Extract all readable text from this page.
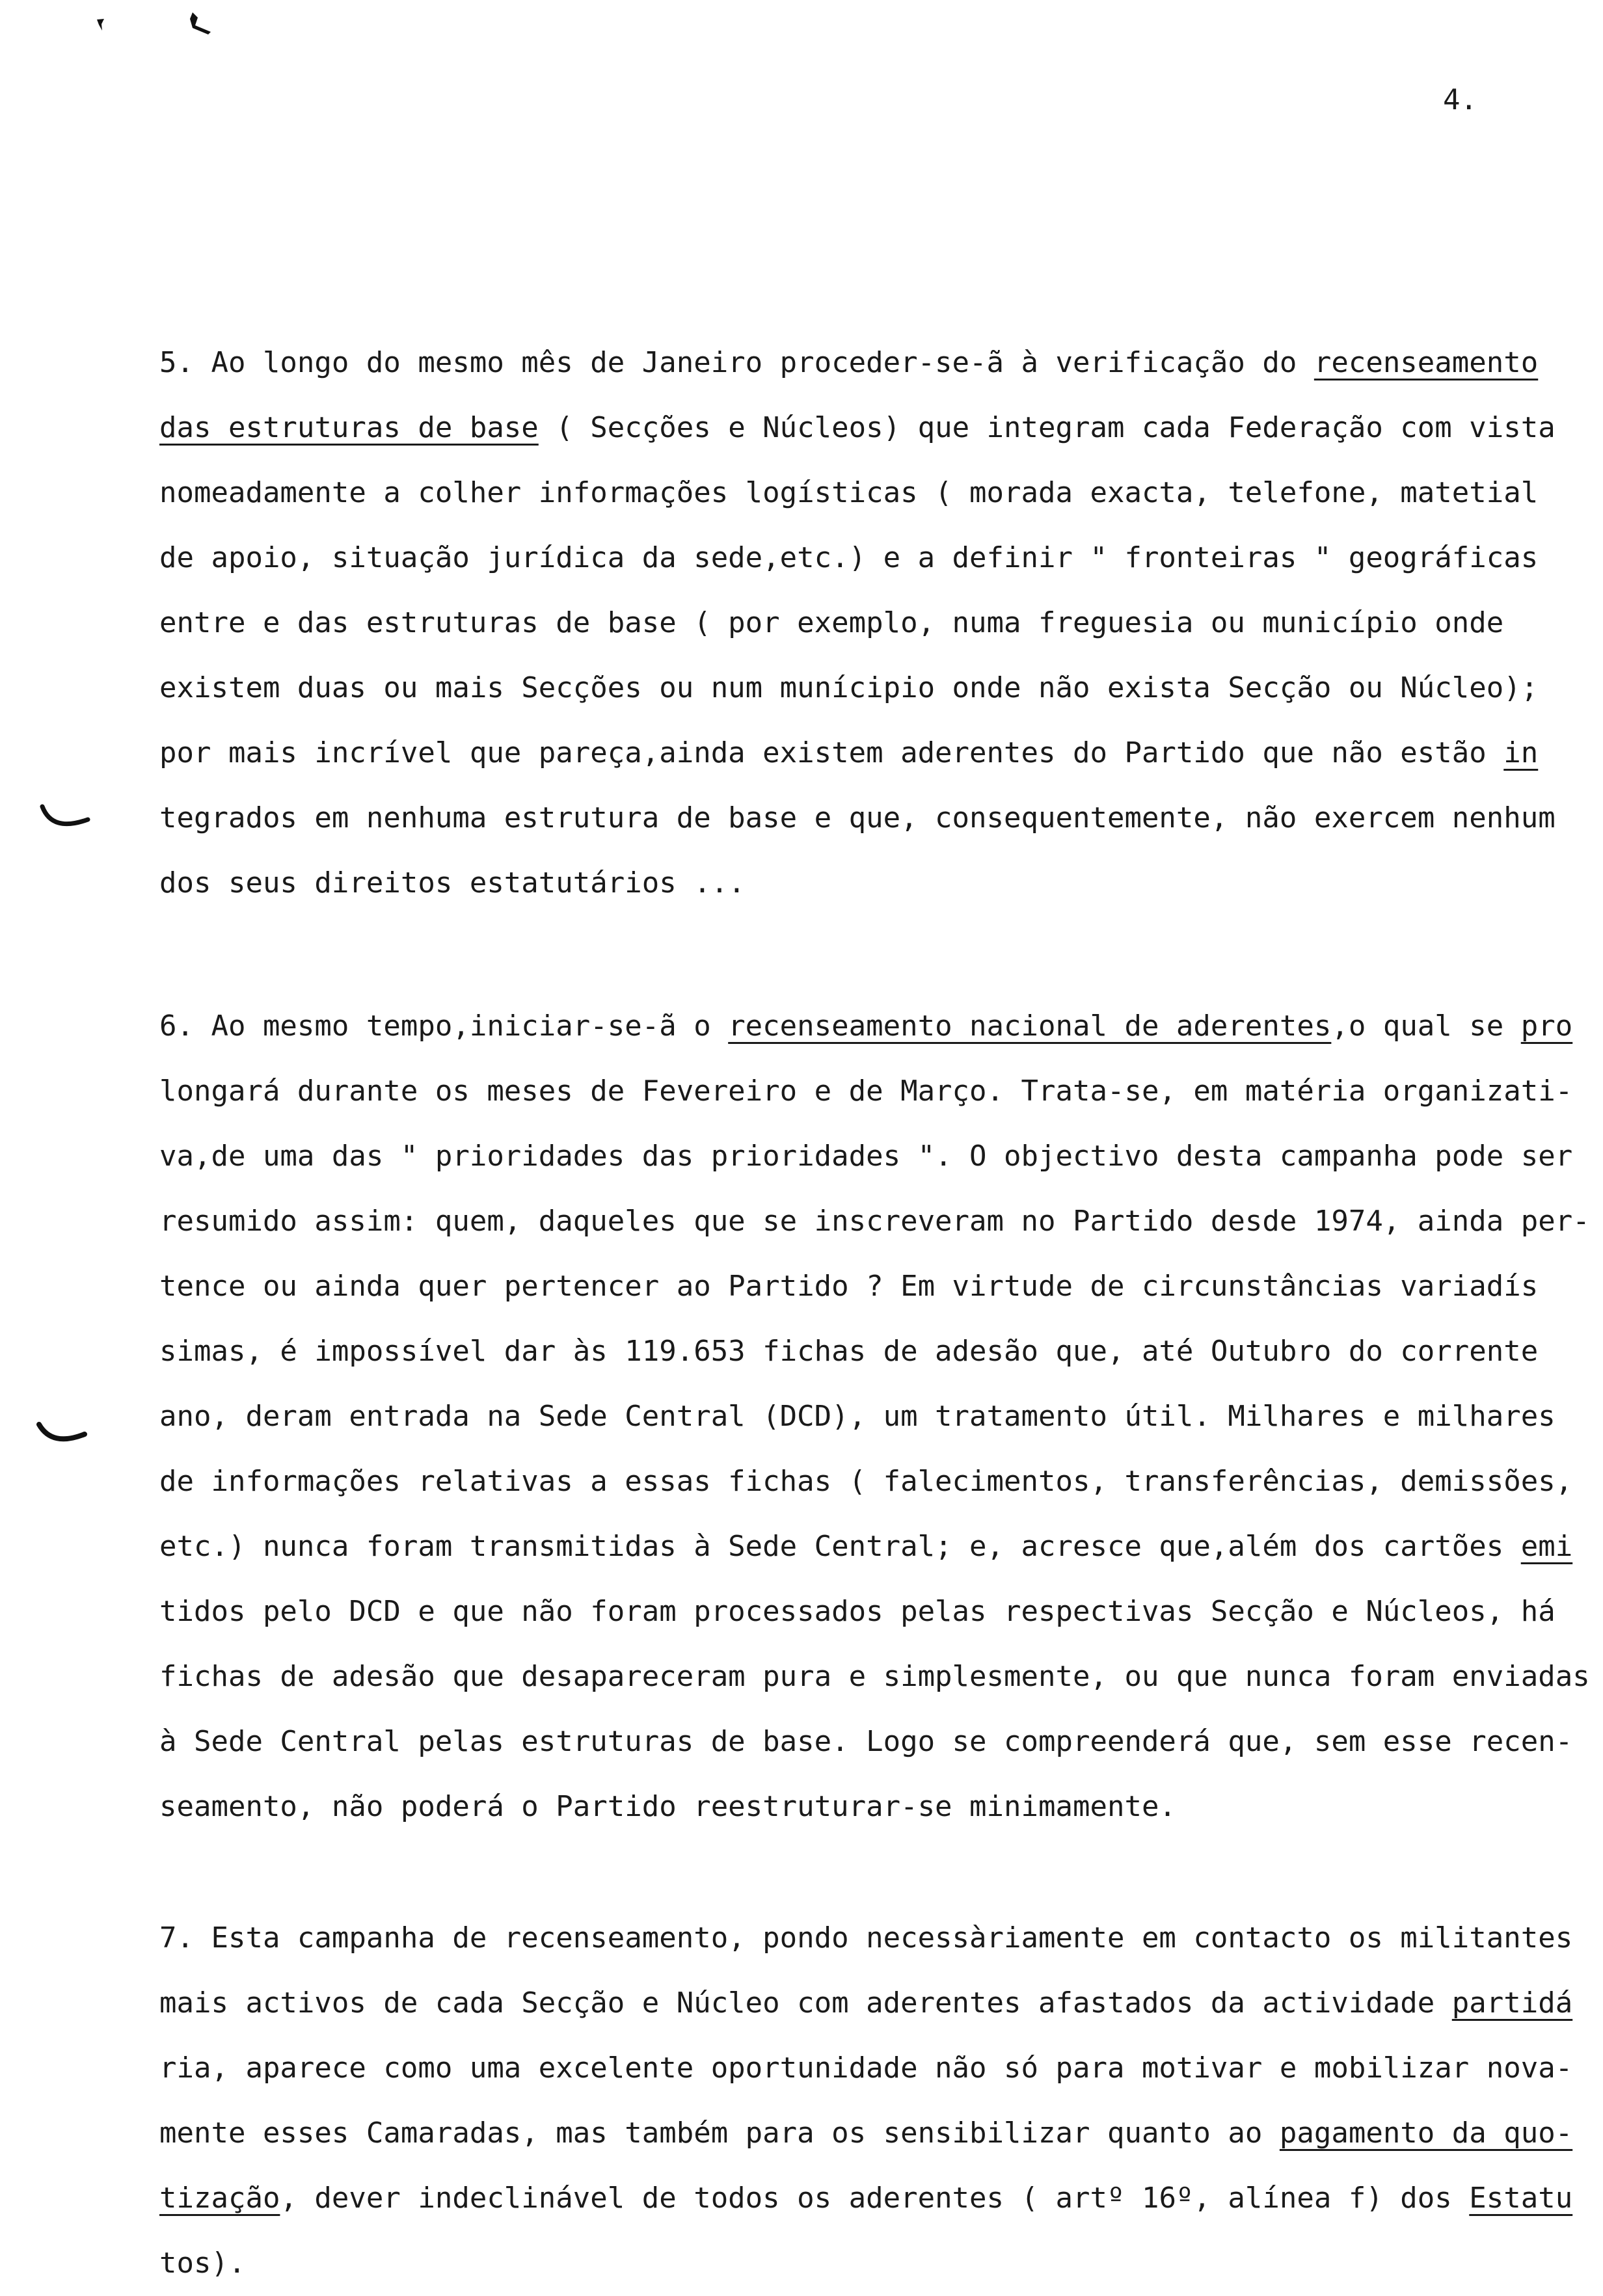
4.
5. Ao longo do mesmo mês de Janeiro proceder-se-ã à verificação do recenseamento
das estruturas de base ( Secções e Núcleos) que integram cada Federação com vista
nomeadamente a colher informações logísticas ( morada exacta, telefone, matetial
de apoio, situação jurídica da sede,etc.) e a definir " fronteiras " geográficas
entre e das estruturas de base ( por exemplo, numa freguesia ou município onde
existem duas ou mais Secções ou num munícipio onde não exista Secção ou Núcleo);
por mais incrível que pareça,ainda existem aderentes do Partido que não estão in
tegrados em nenhuma estrutura de base e que, consequentemente, não exercem nenhum
dos seus direitos estatutários ...
6. Ao mesmo tempo,iniciar-se-ã o recenseamento nacional de aderentes,o qual se pro
longará durante os meses de Fevereiro e de Março. Trata-se, em matéria organizati-
va,de uma das " prioridades das prioridades ". O objectivo desta campanha pode ser
resumido assim: quem, daqueles que se inscreveram no Partido desde 1974, ainda per-
tence ou ainda quer pertencer ao Partido ? Em virtude de circunstâncias variadís
simas, é impossível dar às 119.653 fichas de adesão que, até Outubro do corrente
ano, deram entrada na Sede Central (DCD), um tratamento útil. Milhares e milhares
de informações relativas a essas fichas ( falecimentos, transferências, demissões,
etc.) nunca foram transmitidas à Sede Central; e, acresce que,além dos cartões emi
tidos pelo DCD e que não foram processados pelas respectivas Secção e Núcleos, há
fichas de adesão que desapareceram pura e simplesmente, ou que nunca foram enviadas
à Sede Central pelas estruturas de base. Logo se compreenderá que, sem esse recen-
seamento, não poderá o Partido reestruturar-se minimamente.
7. Esta campanha de recenseamento, pondo necessàriamente em contacto os militantes
mais activos de cada Secção e Núcleo com aderentes afastados da actividade partidá
ria, aparece como uma excelente oportunidade não só para motivar e mobilizar nova-
mente esses Camaradas, mas também para os sensibilizar quanto ao pagamento da quo-
tização, dever indeclinável de todos os aderentes ( artº 16º, alínea f) dos Estatu
tos).
